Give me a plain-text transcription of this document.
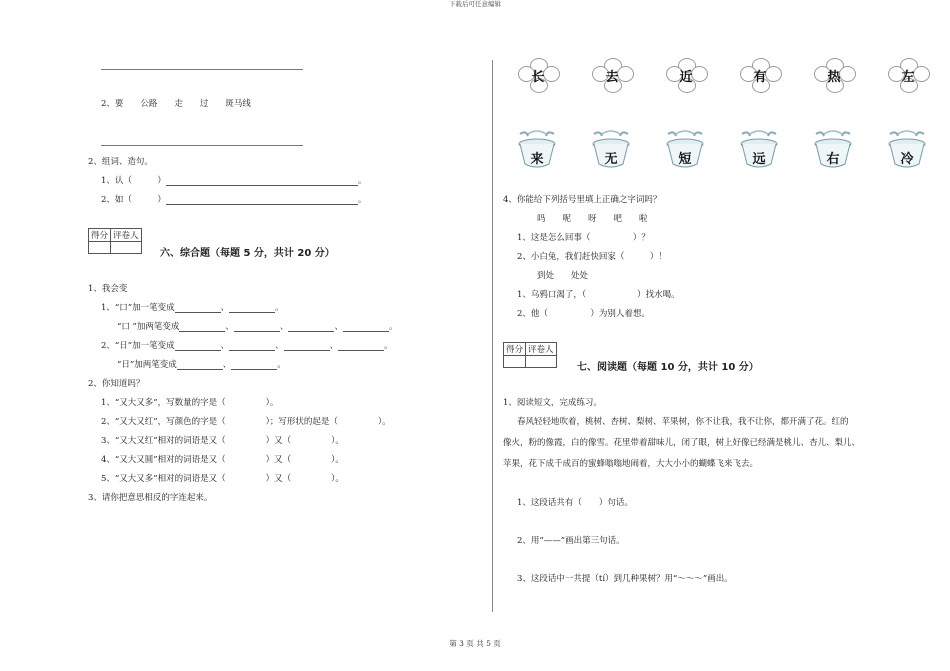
下载后可任意编辑
2、要　　公路　　走　　过　　斑马线
2、组词、造句。
1、认（　　　）	。
2、如（　　　）	。
得分	评卷人

六、综合题（每题 5 分，共计 20 分）
1、我会变
1、“口”加一笔变成	、	。
“口 ”加两笔变成	、	、	、	。
2、“日”加一笔变成	、	、	、	。
“日”加两笔变成	、	。
2、你知道吗？
1、“又大又多”，写数量的字是（	）。
2、“又大又红”，写颜色的字是（	）；写形状的起是（	）。
3、“又大又红”相对的词语是又（	）又（	）。
4、“又大又圆”相对的词语是又（	）又（	）。
5、“又大又多”相对的词语是又（	）又（	）。
3、请你把意思相反的字连起来。
长	去	近	有	热	左
来	无	短	远	右	冷
4、你能给下列括号里填上正确之字词吗？
吗　　呢　　呀　　吧　　啦
1、这是怎么回事（　　　　　）？
2、小白兔，我们赶快回家（　　　）！
到处　　处处
1、乌鸦口渴了，（　　　　　　）找水喝。
2、他（　　　　　）为别人着想。
得分	评卷人

七、阅读题（每题 10 分，共计 10 分）
1、阅读短文，完成练习。
春风轻轻地吹着，桃树、杏树、梨树、苹果树，你不让我，我不让你，都开满了花。红的
像火，粉的像霞，白的像雪。花里带着甜味儿，闭了眼，树上好像已经满是桃儿、杏儿、梨儿、
苹果，花下成千成百的蜜蜂嗡嗡地闹着，大大小小的蝴蝶飞来飞去。
1、这段话共有（　　）句话。
2、用“——”画出第三句话。
3、这段话中一共提（tí）到几种果树？用“～～～”画出。
第 3 页 共 5 页
